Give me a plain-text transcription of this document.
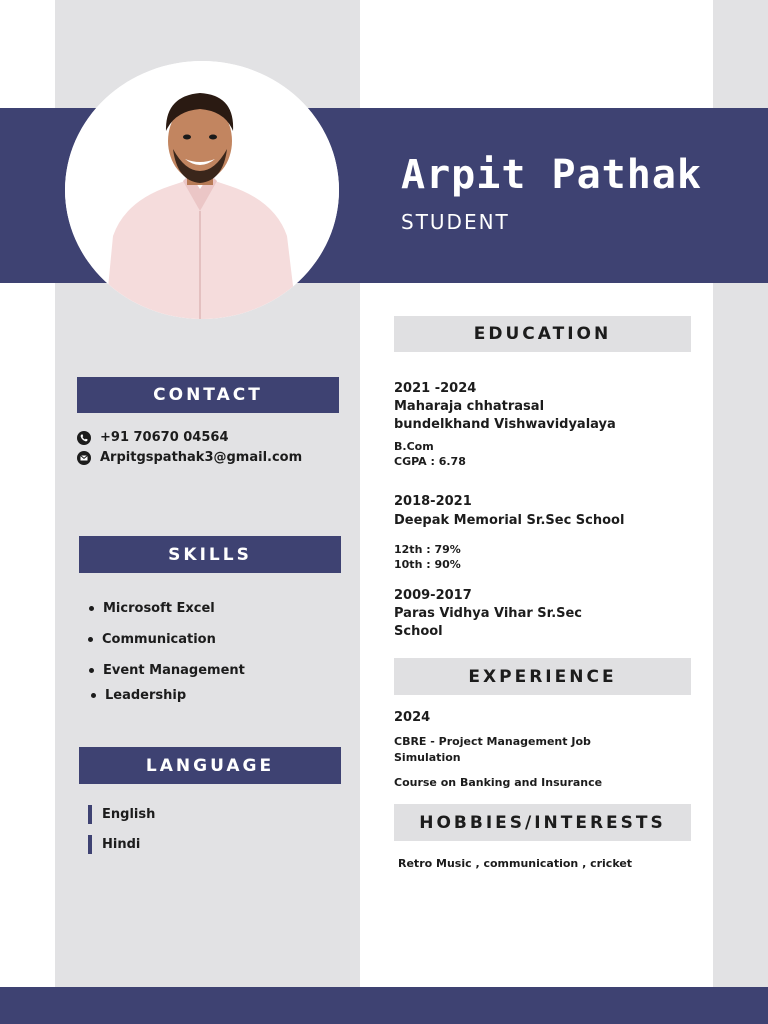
Arpit Pathak
STUDENT
CONTACT
+91 70670 04564
Arpitgspathak3@gmail.com
SKILLS
Microsoft Excel
Communication
Event Management
Leadership
LANGUAGE
English
Hindi
EDUCATION
2021 -2024
Maharaja chhatrasal
bundelkhand Vishwavidyalaya
B.Com
CGPA : 6.78
2018-2021
Deepak Memorial Sr.Sec School
12th : 79%
10th : 90%
2009-2017
Paras Vidhya Vihar Sr.Sec
School
EXPERIENCE
2024
CBRE - Project Management Job
Simulation
Course on Banking and Insurance
HOBBIES/INTERESTS
Retro Music , communication , cricket
